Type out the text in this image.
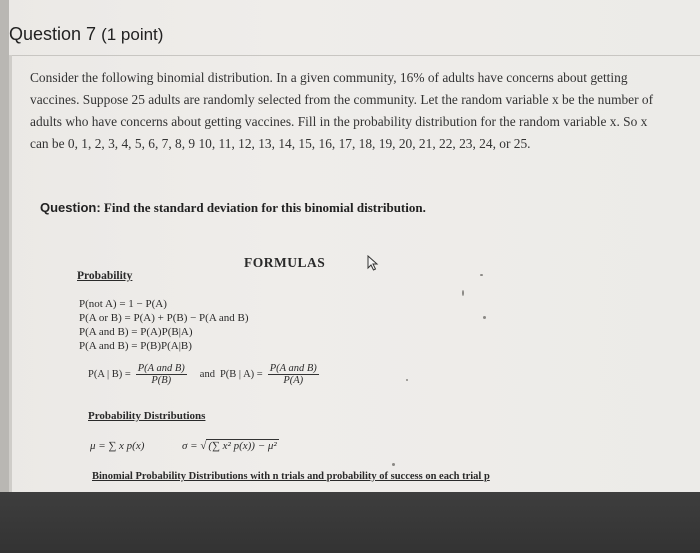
Question 7 (1 point)
Consider the following binomial distribution. In a given community, 16% of adults have concerns about getting vaccines. Suppose 25 adults are randomly selected from the community. Let the random variable x be the number of adults who have concerns about getting vaccines. Fill in the probability distribution for the random variable x. So x can be 0, 1, 2, 3, 4, 5, 6, 7, 8, 9 10, 11, 12, 13, 14, 15, 16, 17, 18, 19, 20, 21, 22, 23, 24, or 25.
Question: Find the standard deviation for this binomial distribution.
FORMULAS
Probability
P(not A) = 1 − P(A)
P(A or B) = P(A) + P(B) − P(A and B)
P(A and B) = P(A)P(B|A)
P(A and B) = P(B)P(A|B)
P(A | $B) = \frac{\text{P(A and B)}}{P(B)}$ and P(B | $A) = \frac{\text{P(A and B)}}{P(A)}$
Probability Distributions
μ = ∑ x p(x)	σ = √ (∑ x² p(x)) − μ²
Binomial Probability Distributions with n trials and probability of success on each trial p
